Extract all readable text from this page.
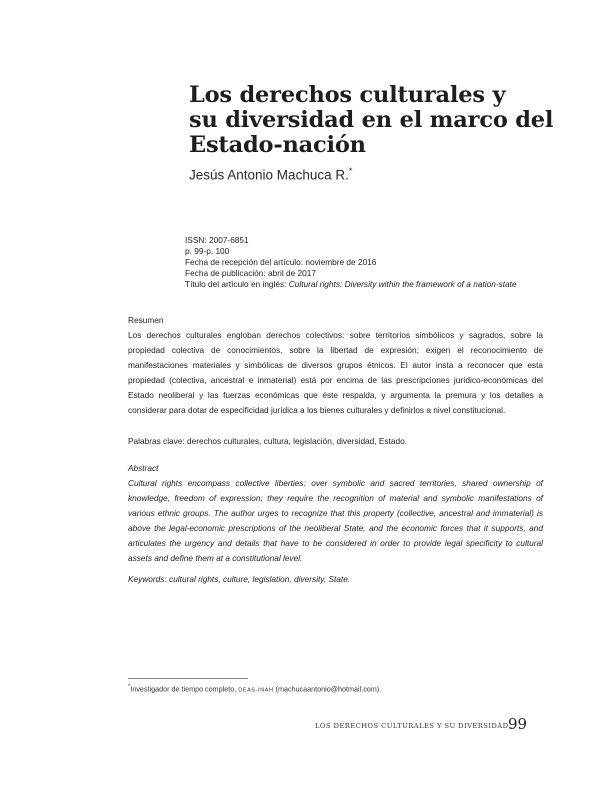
Los derechos culturales y
su diversidad en el marco del
Estado-nación
Jesús Antonio Machuca R.*
ISSN: 2007-6851
p. 99-p. 100
Fecha de recepción del artículo: noviembre de 2016
Fecha de publicación: abril de 2017
Título del artículo en inglés: Cultural rights: Diversity within the framework of a nation-state
Resumen

Los derechos culturales engloban derechos colectivos: sobre territorios simbólicos y sagrados, sobre la propiedad colectiva de conocimientos, sobre la libertad de expresión; exigen el reconocimiento de manifestaciones materiales y simbólicas de diversos grupos étnicos. El autor insta a reconocer que esta propiedad (colectiva, ancestral e inmaterial) está por encima de las prescripciones jurídico-económicas del Estado neoliberal y las fuerzas económicas que éste respalda, y argumenta la premura y los detalles a considerar para dotar de especificidad jurídica a los bienes culturales y definirlos a nivel constitucional.

Palabras clave: derechos culturales, cultura, legislación, diversidad, Estado.
Abstract

Cultural rights encompass collective liberties: over symbolic and sacred territories, shared ownership of knowledge, freedom of expression; they require the recognition of material and symbolic manifestations of various ethnic groups. The author urges to recognize that this property (collective, ancestral and immaterial) is above the legal-economic prescriptions of the neoliberal State, and the economic forces that it supports, and articulates the urgency and details that have to be considered in order to provide legal specificity to cultural assets and define them at a constitutional level.

Keywords: cultural rights, culture, legislation, diversity, State.
*Investigador de tiempo completo, DEAS-INAH (machucaantonio@hotmail.com).
LOS DERECHOS CULTURALES Y SU DIVERSIDAD…
99
